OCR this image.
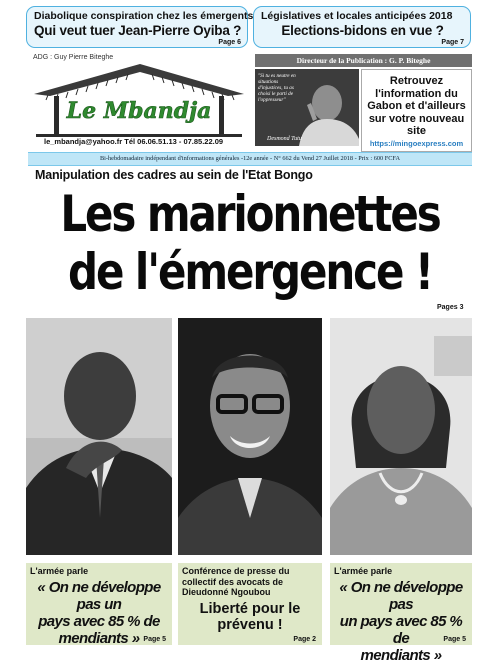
Diabolique conspiration chez les émergents
Qui veut tuer Jean-Pierre Oyiba ?
Page 6
Législatives et locales anticipées 2018
Elections-bidons en vue ?
Page 7
ADG : Guy Pierre Biteghe
Le Mbandja
le_mbandja@yahoo.fr Tél 06.06.51.13 - 07.85.22.09
Directeur de la Publication : G. P. Biteghe
"Si tu es neutre en situations d'injustices, tu as choisi le parti de l'oppresseur"
Desmond Tutu
Retrouvez l'information du Gabon et d'ailleurs sur votre nouveau site
https://mingoexpress.com
Bi-hebdomadaire indépendant d'informations générales -12e année - N° 662 du Vend 27 Juillet 2018 - Prix : 600 FCFA
Manipulation des cadres au sein de l'Etat Bongo
Les marionnettes
de l'émergence !
Pages 3
L'armée parle
« On ne développe pas un
pays avec 85 % de
mendiants » Page 5
Conférence de presse du
collectif des avocats de
Dieudonné Ngoubou
Liberté pour le
prévenu !
Page 2
L'armée parle
« On ne développe pas
un pays avec 85 % de
mendiants »
Page 5
